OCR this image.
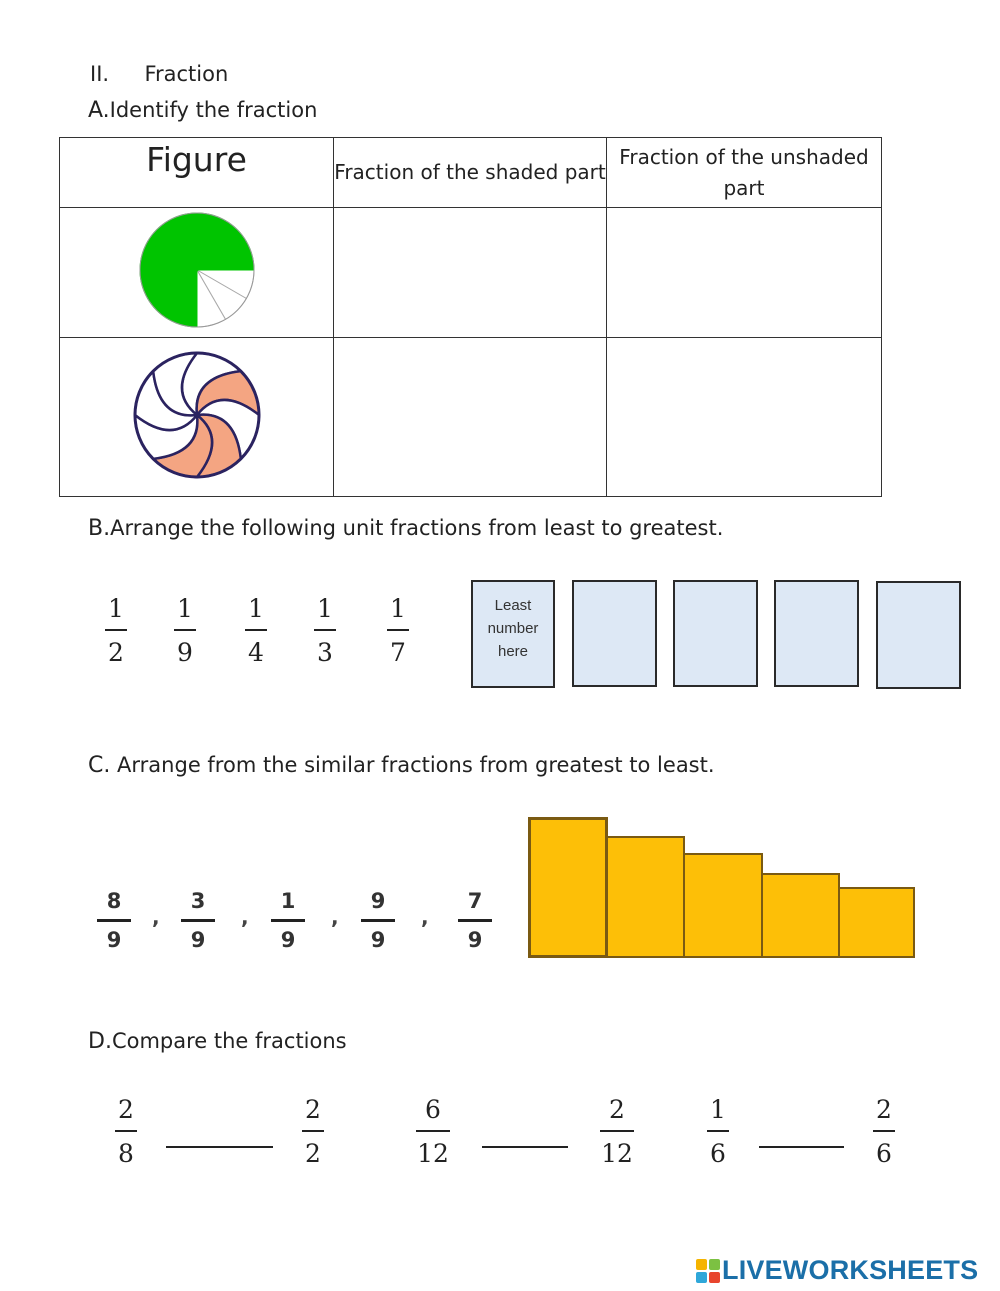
II. Fraction
A.Identify the fraction
Figure	Fraction of the shaded part	Fraction of the unshaded part

B.Arrange the following unit fractions from least to greatest.
1
2
1
9
1
4
1
3
1
7
Least number here
C. Arrange from the similar fractions from greatest to least.
8
9
,
3
9
,
1
9
,
9
9
,
7
9
D.Compare the fractions
2
8
2
2
6
12
2
12
1
6
2
6
LIVEWORKSHEETS
